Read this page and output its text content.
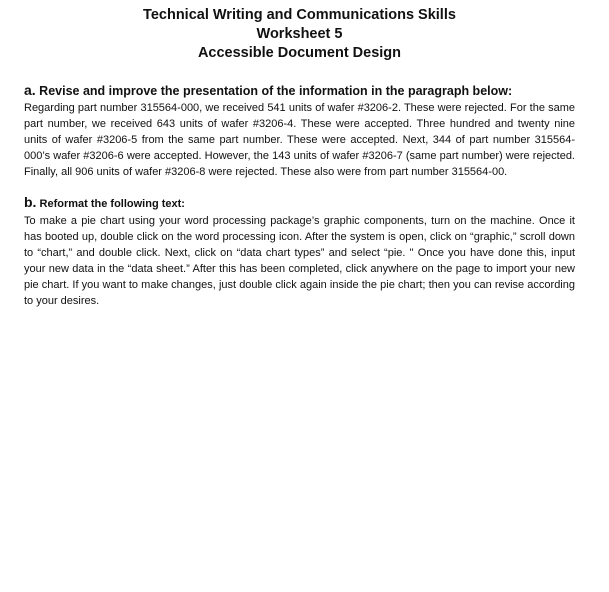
Technical Writing and Communications Skills
Worksheet 5
Accessible Document Design
a. Revise and improve the presentation of the information in the paragraph below:

Regarding part number 315564-000, we received 541 units of wafer #3206-2. These were rejected. For the same part number, we received 643 units of wafer #3206-4. These were accepted. Three hundred and twenty nine units of wafer #3206-5 from the same part number. These were accepted. Next, 344 of part number 315564-000’s wafer #3206-6 were accepted. However, the 143 units of wafer #3206-7 (same part number) were rejected. Finally, all 906 units of wafer #3206-8 were rejected. These also were from part number 315564-00.

b. Reformat the following text:

To make a pie chart using your word processing package’s graphic components, turn on the machine. Once it has booted up, double click on the word processing icon. After the system is open, click on “graphic,” scroll down to “chart,” and double click. Next, click on “data chart types” and select “pie. " Once you have done this, input your new data in the “data sheet.” After this has been completed, click anywhere on the page to import your new pie chart. If you want to make changes, just double click again inside the pie chart; then you can revise according to your desires.
